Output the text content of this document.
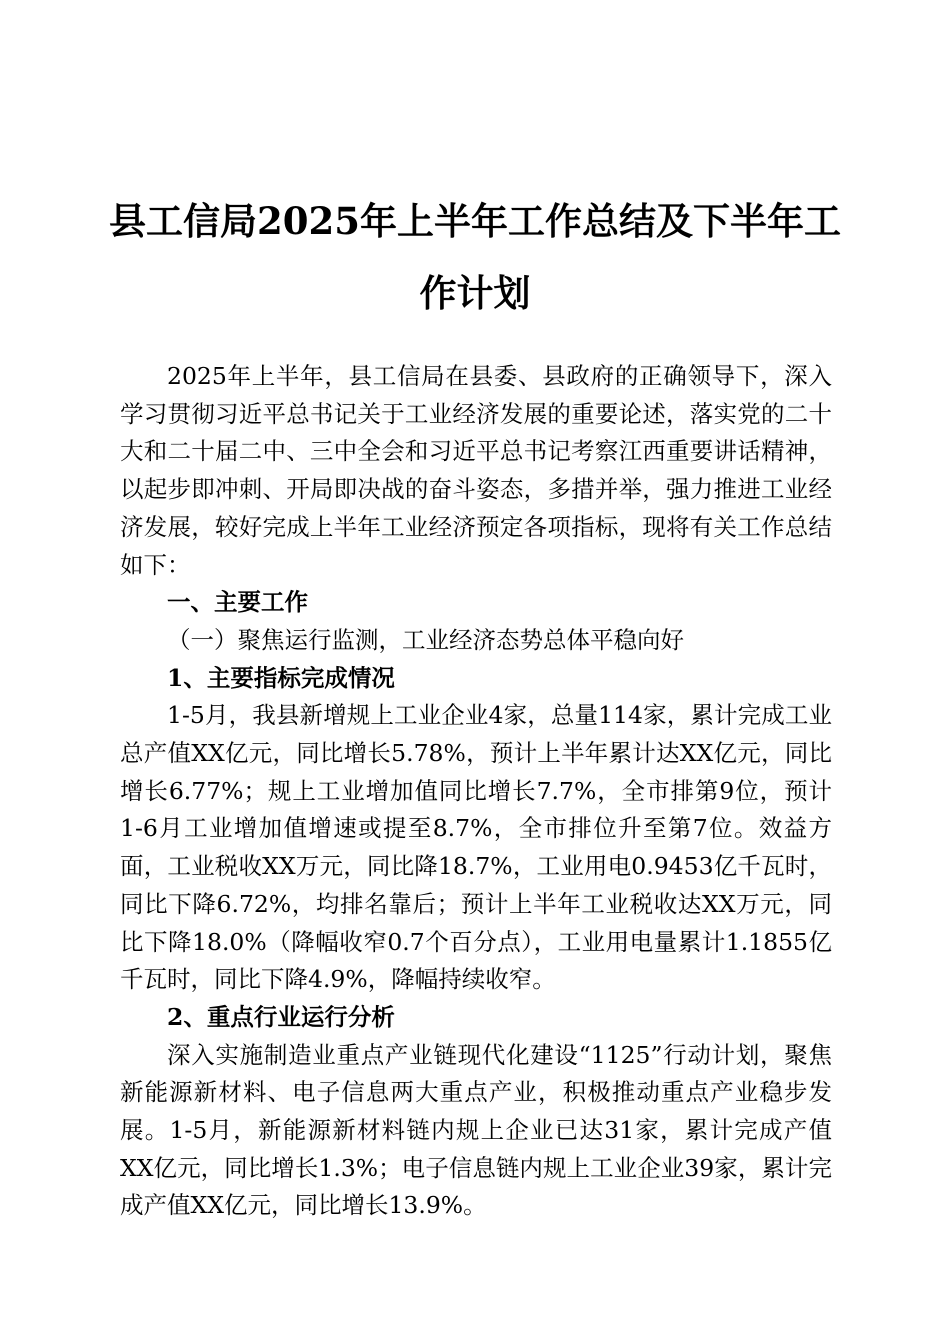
县工信局2025年上半年工作总结及下半年工作计划

2025年上半年，县工信局在县委、县政府的正确领导下，深入学习贯彻习近平总书记关于工业经济发展的重要论述，落实党的二十大和二十届二中、三中全会和习近平总书记考察江西重要讲话精神，以起步即冲刺、开局即决战的奋斗姿态，多措并举，强力推进工业经济发展，较好完成上半年工业经济预定各项指标，现将有关工作总结如下：

一、主要工作

（一）聚焦运行监测，工业经济态势总体平稳向好

1、主要指标完成情况

1-5月，我县新增规上工业企业4家，总量114家，累计完成工业总产值XX亿元，同比增长5.78%，预计上半年累计达XX亿元，同比增长6.77%；规上工业增加值同比增长7.7%，全市排第9位，预计1-6月工业增加值增速或提至8.7%，全市排位升至第7位。效益方面，工业税收XX万元，同比降18.7%，工业用电0.9453亿千瓦时，同比下降6.72%，均排名靠后；预计上半年工业税收达XX万元，同比下降18.0%（降幅收窄0.7个百分点），工业用电量累计1.1855亿千瓦时，同比下降4.9%，降幅持续收窄。

2、重点行业运行分析

深入实施制造业重点产业链现代化建设“1125”行动计划，聚焦新能源新材料、电子信息两大重点产业，积极推动重点产业稳步发展。1-5月，新能源新材料链内规上企业已达31家，累计完成产值XX亿元，同比增长1.3%；电子信息链内规上工业企业39家，累计完成产值XX亿元，同比增长13.9%。
